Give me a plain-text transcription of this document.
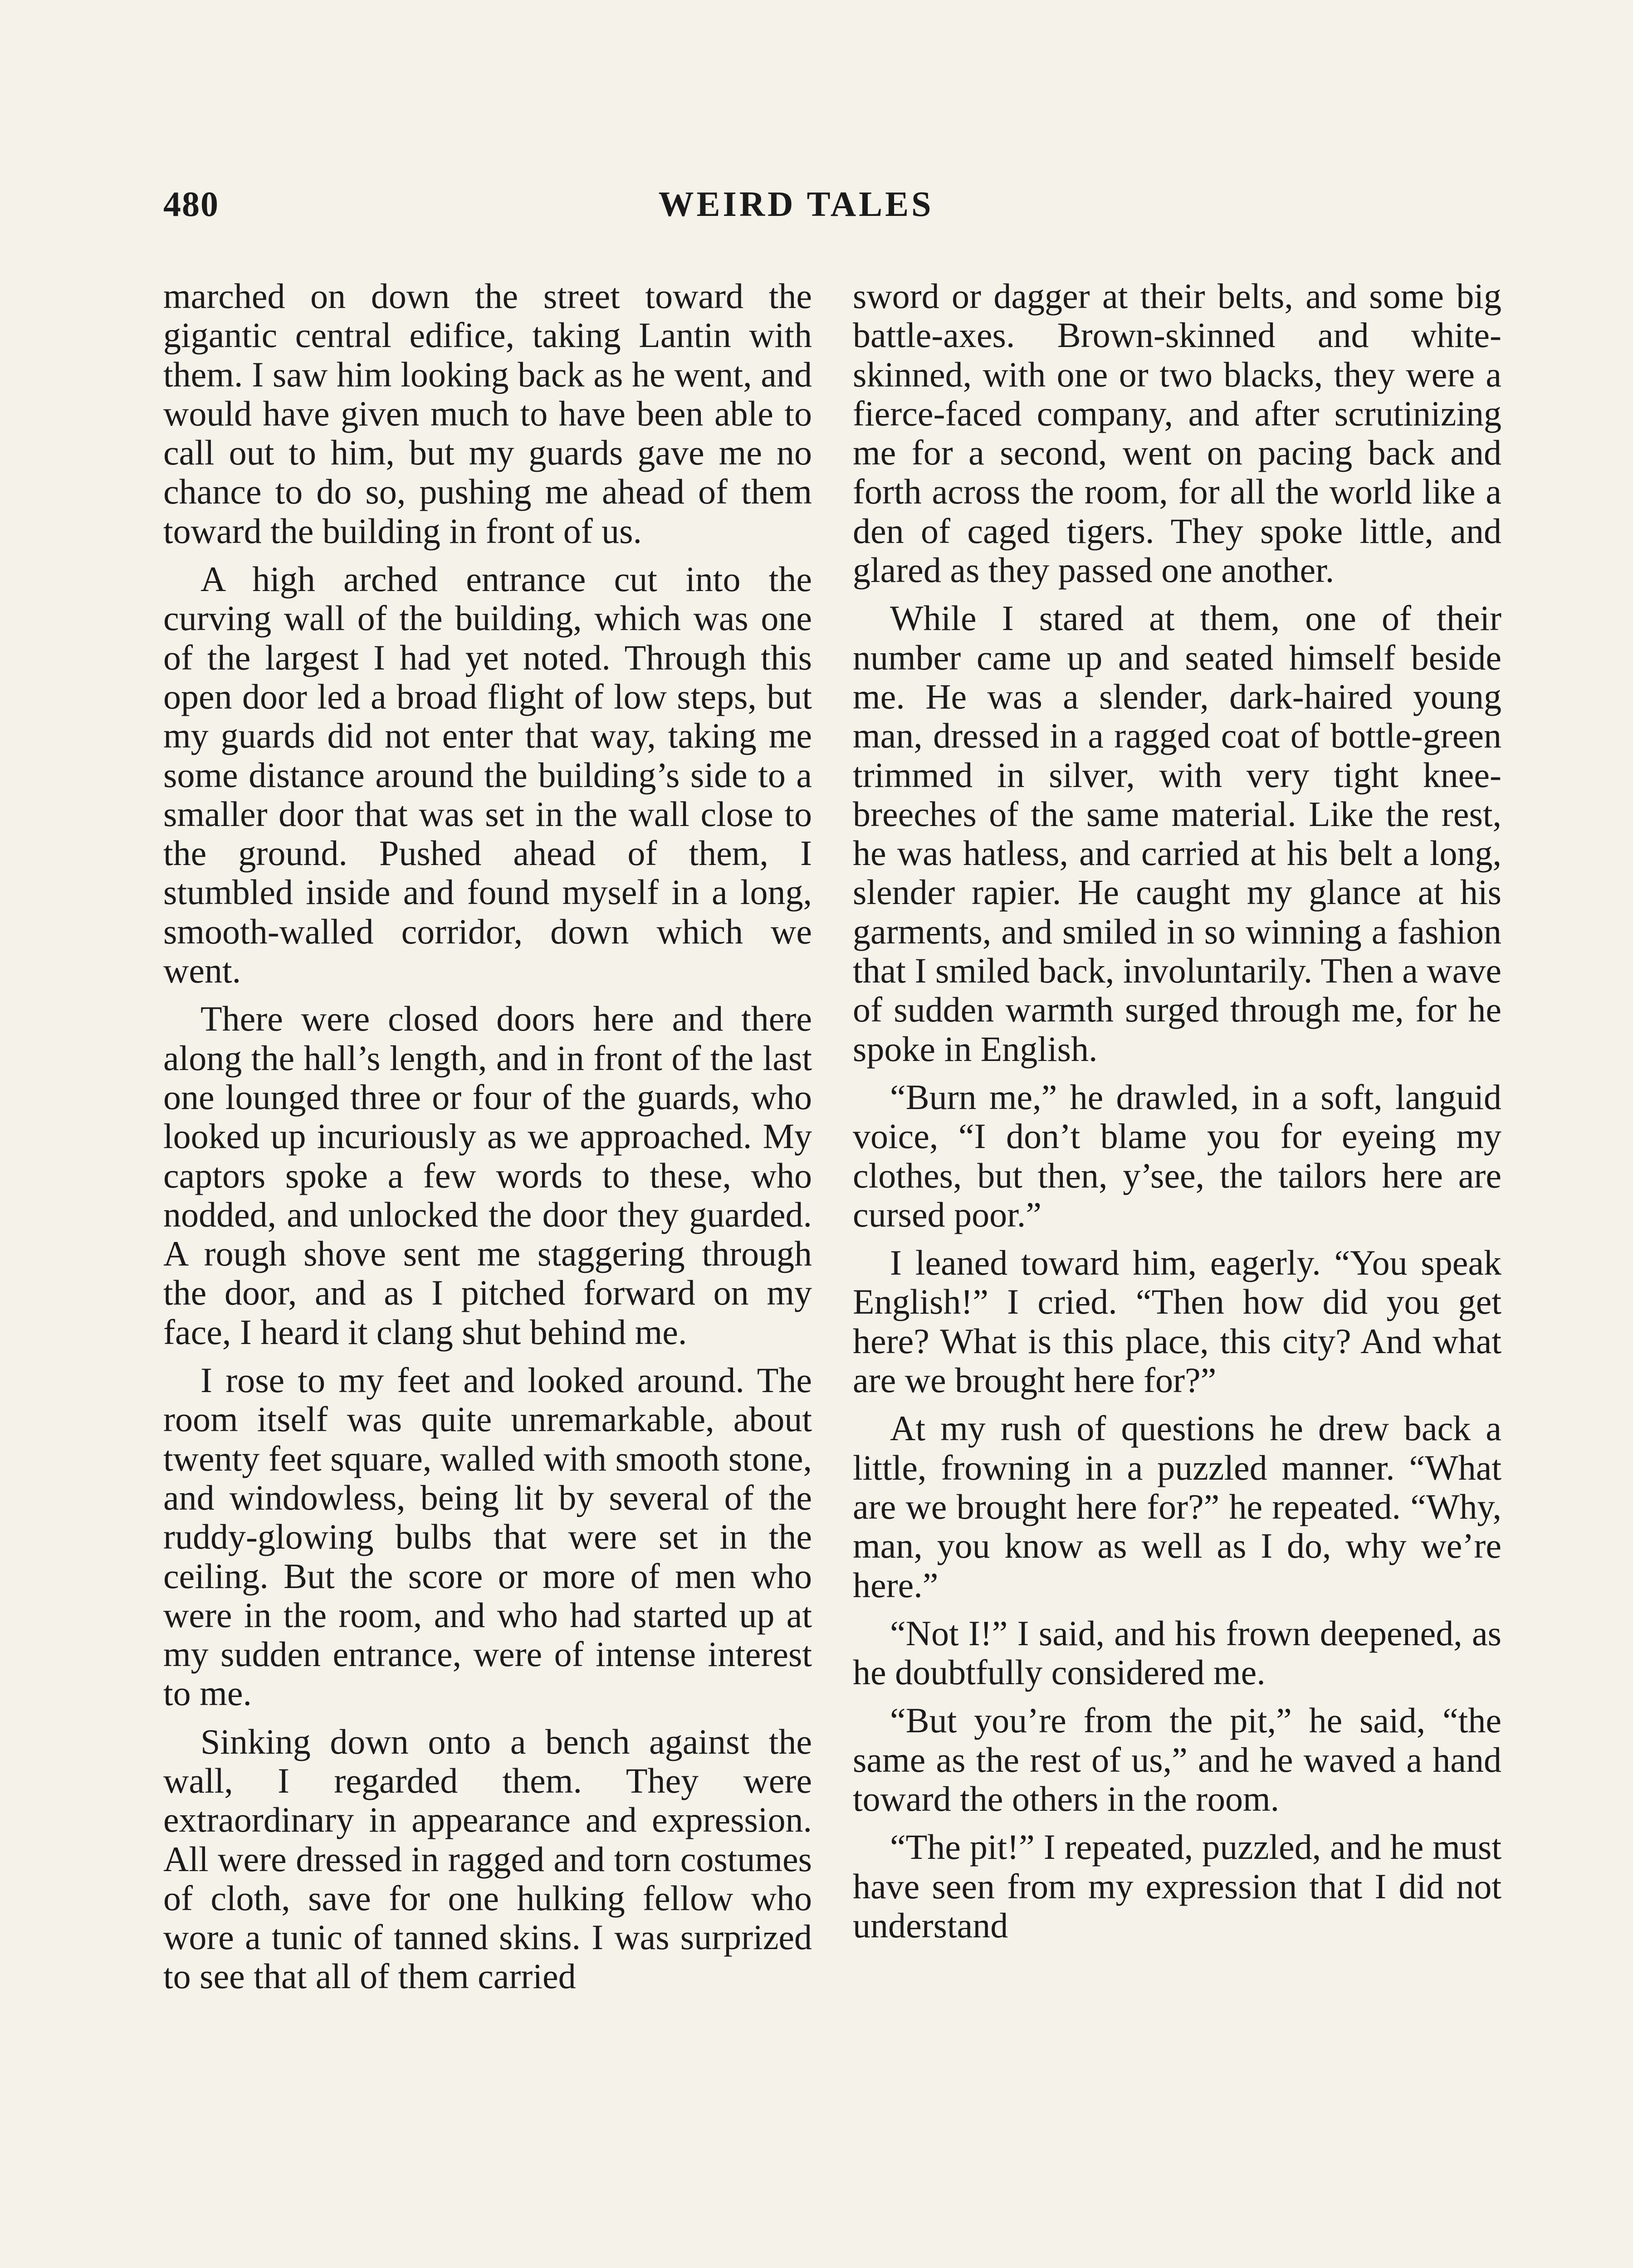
480	WEIRD TALES

marched on down the street toward the gigantic central edifice, taking Lantin with them. I saw him looking back as he went, and would have given much to have been able to call out to him, but my guards gave me no chance to do so, pushing me ahead of them toward the building in front of us.

A high arched entrance cut into the curving wall of the building, which was one of the largest I had yet noted. Through this open door led a broad flight of low steps, but my guards did not enter that way, taking me some distance around the building’s side to a smaller door that was set in the wall close to the ground. Pushed ahead of them, I stumbled inside and found myself in a long, smooth-walled corridor, down which we went.

There were closed doors here and there along the hall’s length, and in front of the last one lounged three or four of the guards, who looked up incuriously as we approached. My captors spoke a few words to these, who nodded, and unlocked the door they guarded. A rough shove sent me staggering through the door, and as I pitched forward on my face, I heard it clang shut behind me.

I rose to my feet and looked around. The room itself was quite unremarkable, about twenty feet square, walled with smooth stone, and windowless, being lit by several of the ruddy-glowing bulbs that were set in the ceiling. But the score or more of men who were in the room, and who had started up at my sudden entrance, were of intense interest to me.

Sinking down onto a bench against the wall, I regarded them. They were extraordinary in appearance and expression. All were dressed in ragged and torn costumes of cloth, save for one hulking fellow who wore a tunic of tanned skins. I was surprized to see that all of them carried

sword or dagger at their belts, and some big battle-axes. Brown-skinned and white-skinned, with one or two blacks, they were a fierce-faced company, and after scrutinizing me for a second, went on pacing back and forth across the room, for all the world like a den of caged tigers. They spoke little, and glared as they passed one another.

While I stared at them, one of their number came up and seated himself beside me. He was a slender, dark-haired young man, dressed in a ragged coat of bottle-green trimmed in silver, with very tight knee-breeches of the same material. Like the rest, he was hatless, and carried at his belt a long, slender rapier. He caught my glance at his garments, and smiled in so winning a fashion that I smiled back, involuntarily. Then a wave of sudden warmth surged through me, for he spoke in English.

“Burn me,” he drawled, in a soft, languid voice, “I don’t blame you for eyeing my clothes, but then, y’see, the tailors here are cursed poor.”

I leaned toward him, eagerly. “You speak English!” I cried. “Then how did you get here? What is this place, this city? And what are we brought here for?”

At my rush of questions he drew back a little, frowning in a puzzled manner. “What are we brought here for?” he repeated. “Why, man, you know as well as I do, why we’re here.”

“Not I!” I said, and his frown deepened, as he doubtfully considered me.

“But you’re from the pit,” he said, “the same as the rest of us,” and he waved a hand toward the others in the room.

“The pit!” I repeated, puzzled, and he must have seen from my expression that I did not understand
